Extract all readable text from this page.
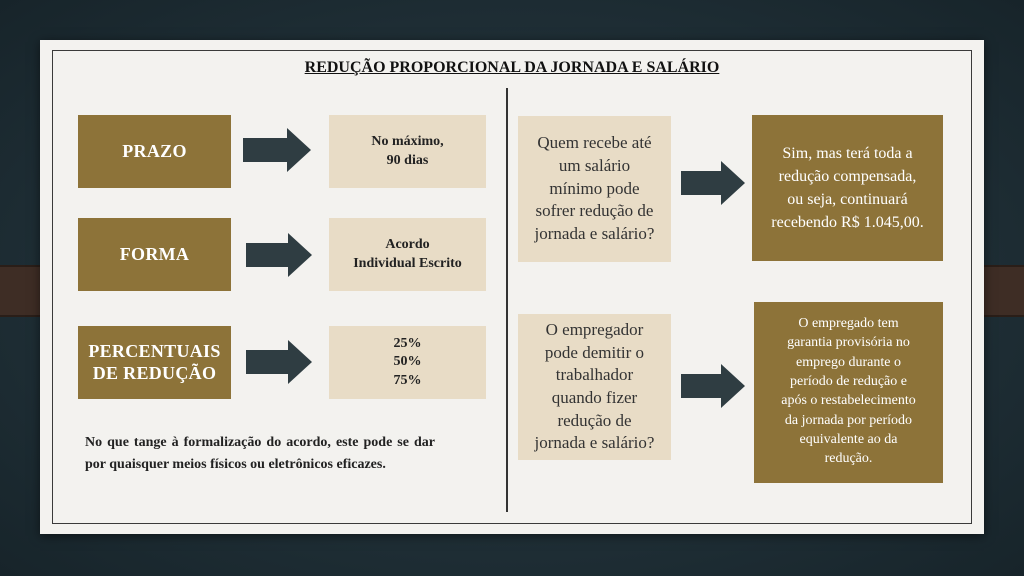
REDUÇÃO PROPORCIONAL DA JORNADA E SALÁRIO
PRAZO	No máximo,
90 dias
FORMA	Acordo
Individual Escrito
PERCENTUAIS
DE REDUÇÃO
25%
50%
75%
No que tange à formalização do acordo, este pode se dar por quaisquer meios físicos ou eletrônicos eficazes.
Quem recebe até
um salário
mínimo pode
sofrer redução de
jornada e salário?
Sim, mas terá toda a
redução compensada,
ou seja, continuará
recebendo R$ 1.045,00.
O empregador
pode demitir o
trabalhador
quando fizer
redução de
jornada e salário?
O empregado tem
garantia provisória no
emprego durante o
período de redução e
após o restabelecimento
da jornada por período
equivalente ao da
redução.
